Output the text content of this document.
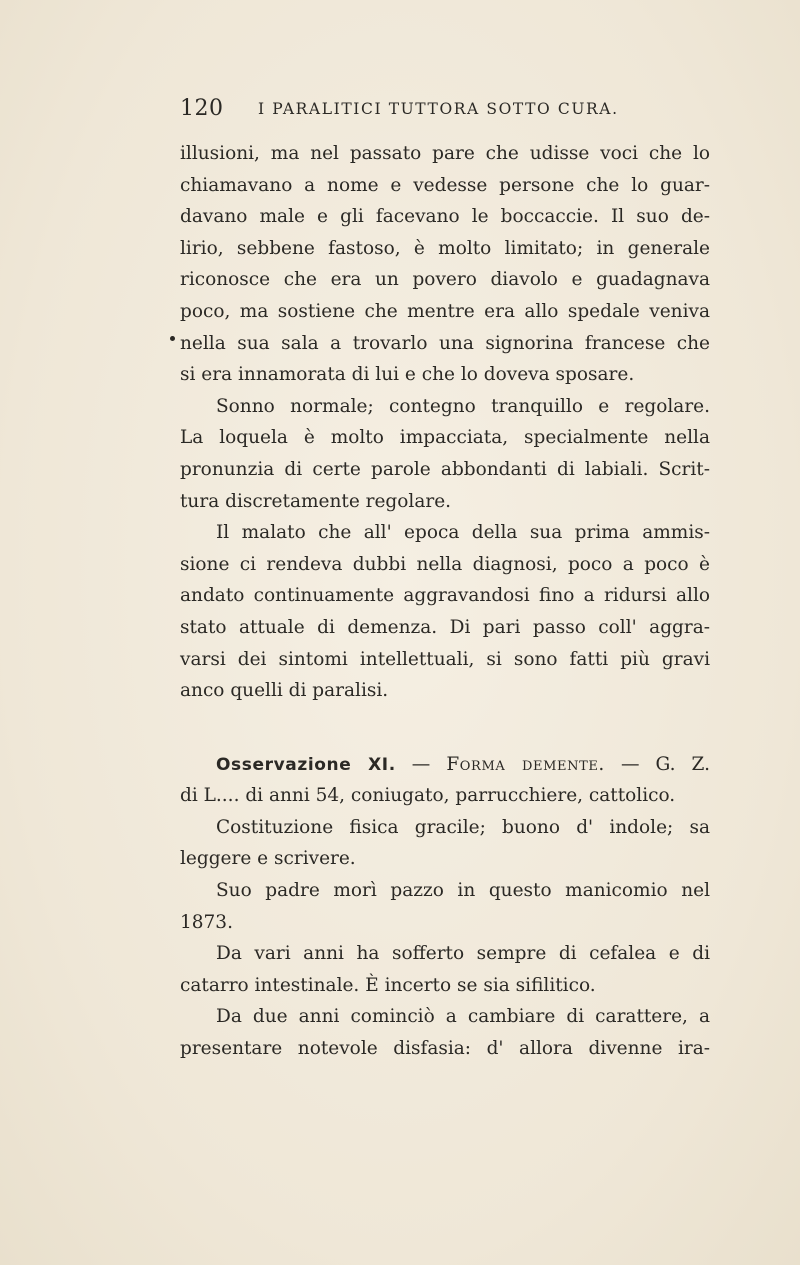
120 I PARALITICI TUTTORA SOTTO CURA.
illusioni, ma nel passato pare che udisse voci che lo
chiamavano a nome e vedesse persone che lo guar-
davano male e gli facevano le boccaccie. Il suo de-
lirio, sebbene fastoso, è molto limitato; in generale
riconosce che era un povero diavolo e guadagnava
poco, ma sostiene che mentre era allo spedale veniva
nella sua sala a trovarlo una signorina francese che
si era innamorata di lui e che lo doveva sposare.
Sonno normale; contegno tranquillo e regolare.
La loquela è molto impacciata, specialmente nella
pronunzia di certe parole abbondanti di labiali. Scrit-
tura discretamente regolare.
Il malato che all' epoca della sua prima ammis-
sione ci rendeva dubbi nella diagnosi, poco a poco è
andato continuamente aggravandosi fino a ridursi allo
stato attuale di demenza. Di pari passo coll' aggra-
varsi dei sintomi intellettuali, si sono fatti più gravi
anco quelli di paralisi.
Osservazione XI. — Forma demente. — G. Z.
di L.... di anni 54, coniugato, parrucchiere, cattolico.
Costituzione fisica gracile; buono d' indole; sa
leggere e scrivere.
Suo padre morì pazzo in questo manicomio nel
1873.
Da vari anni ha sofferto sempre di cefalea e di
catarro intestinale. È incerto se sia sifilitico.
Da due anni cominciò a cambiare di carattere, a
presentare notevole disfasia: d' allora divenne ira-
